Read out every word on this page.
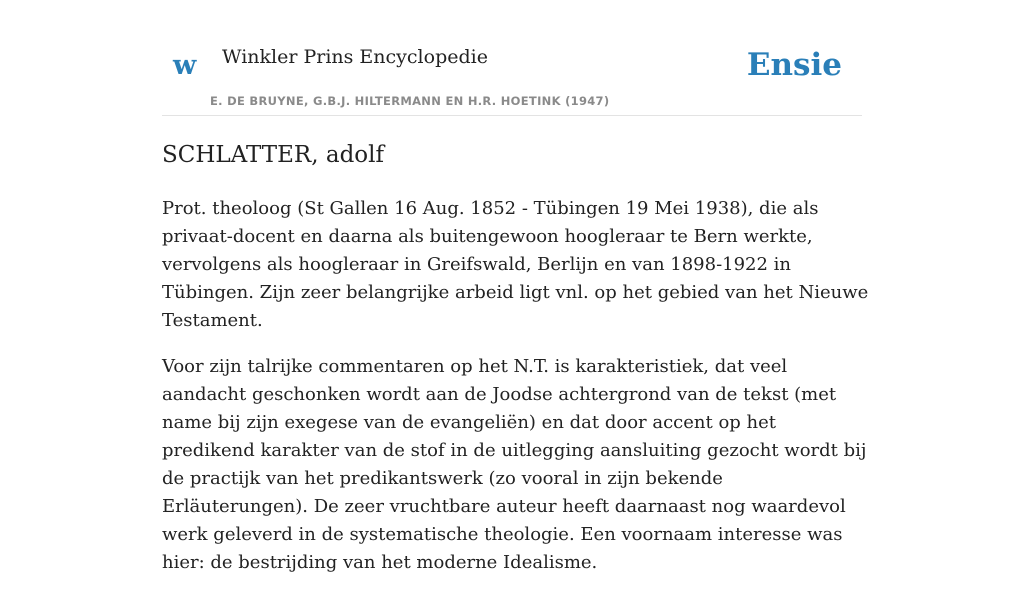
w Winkler Prins Encyclopedie
E. DE BRUYNE, G.B.J. HILTERMANN EN H.R. HOETINK (1947)
Ensie
SCHLATTER, adolf

Prot. theoloog (St Gallen 16 Aug. 1852 - Tübingen 19 Mei 1938), die als privaat-docent en daarna als buitengewoon hoogleraar te Bern werkte, vervolgens als hoogleraar in Greifswald, Berlijn en van 1898-1922 in Tübingen. Zijn zeer belangrijke arbeid ligt vnl. op het gebied van het Nieuwe Testament.

Voor zijn talrijke commentaren op het N.T. is karakteristiek, dat veel aandacht geschonken wordt aan de Joodse achtergrond van de tekst (met name bij zijn exegese van de evangeliën) en dat door accent op het predikend karakter van de stof in de uitlegging aansluiting gezocht wordt bij de practijk van het predikantswerk (zo vooral in zijn bekende Erläuterungen). De zeer vruchtbare auteur heeft daarnaast nog waardevol werk geleverd in de systematische theologie. Een voornaam interesse was hier: de bestrijding van het moderne Idealisme.
